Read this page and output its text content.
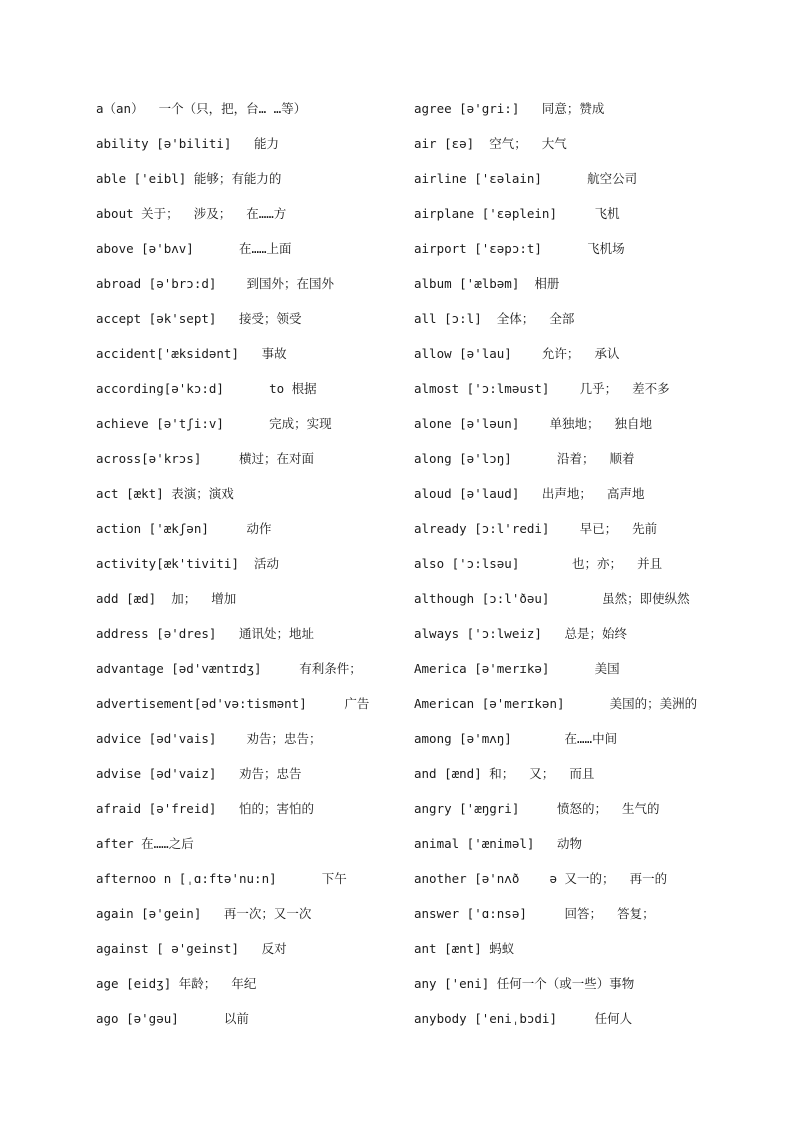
a（an）  一个（只，把，台… …等）
ability [ə'biliti]   能力
able ['eibl] 能够；有能力的
about 关于；  涉及；  在……方
above [ə'bʌv]      在……上面
abroad [ə'brɔ:d]    到国外；在国外
accept [ək'sept]   接受；领受
accident['æksidənt]   事故
according[ə'kɔ:d]      to 根据
achieve [ə'tʃi:v]      完成；实现
across[ə'krɔs]     横过；在对面
act [ækt] 表演；演戏
action ['ækʃən]     动作
activity[æk'tiviti]  活动
add [æd]  加；  增加
address [ə'dres]   通讯处；地址
advantage [əd'væntɪdʒ]     有利条件；
advertisement[əd'və:tismənt]     广告
advice [əd'vais]    劝告；忠告；
advise [əd'vaiz]   劝告；忠告
afraid [ə'freid]   怕的；害怕的
after 在……之后
afternoo n [ˌɑ:ftə'nu:n]      下午
again [ə'gein]   再一次；又一次
against [ ə'geinst]   反对
age [eidʒ] 年龄；  年纪
ago [ə'gəu]      以前
agree [ə'gri:]   同意；赞成
air [εə]  空气；  大气
airline ['εəlain]      航空公司
airplane ['εəplein]     飞机
airport ['εəpɔ:t]      飞机场
album ['ælbəm]  相册
all [ɔ:l]  全体；  全部
allow [ə'lau]    允许；  承认
almost ['ɔ:lməust]    几乎；  差不多
alone [ə'ləun]    单独地；  独自地
along [ə'lɔŋ]      沿着；  顺着
aloud [ə'laud]   出声地；  高声地
already [ɔ:l'redi]    早已；  先前
also ['ɔ:lsəu]       也；亦；  并且
although [ɔ:l'ðəu]       虽然；即使纵然
always ['ɔ:lweiz]   总是；始终
America [ə'merɪkə]      美国
American [ə'merɪkən]      美国的；美洲的
among [ə'mʌŋ]       在……中间
and [ænd] 和；  又；  而且
angry ['æŋgri]     愤怒的；  生气的
animal ['æniməl]   动物
another [ə'nʌð    ə 又一的；  再一的
answer ['ɑ:nsə]     回答；  答复；
ant [ænt] 蚂蚁
any ['eni] 任何一个（或一些）事物
anybody ['eniˌbɔdi]     任何人
